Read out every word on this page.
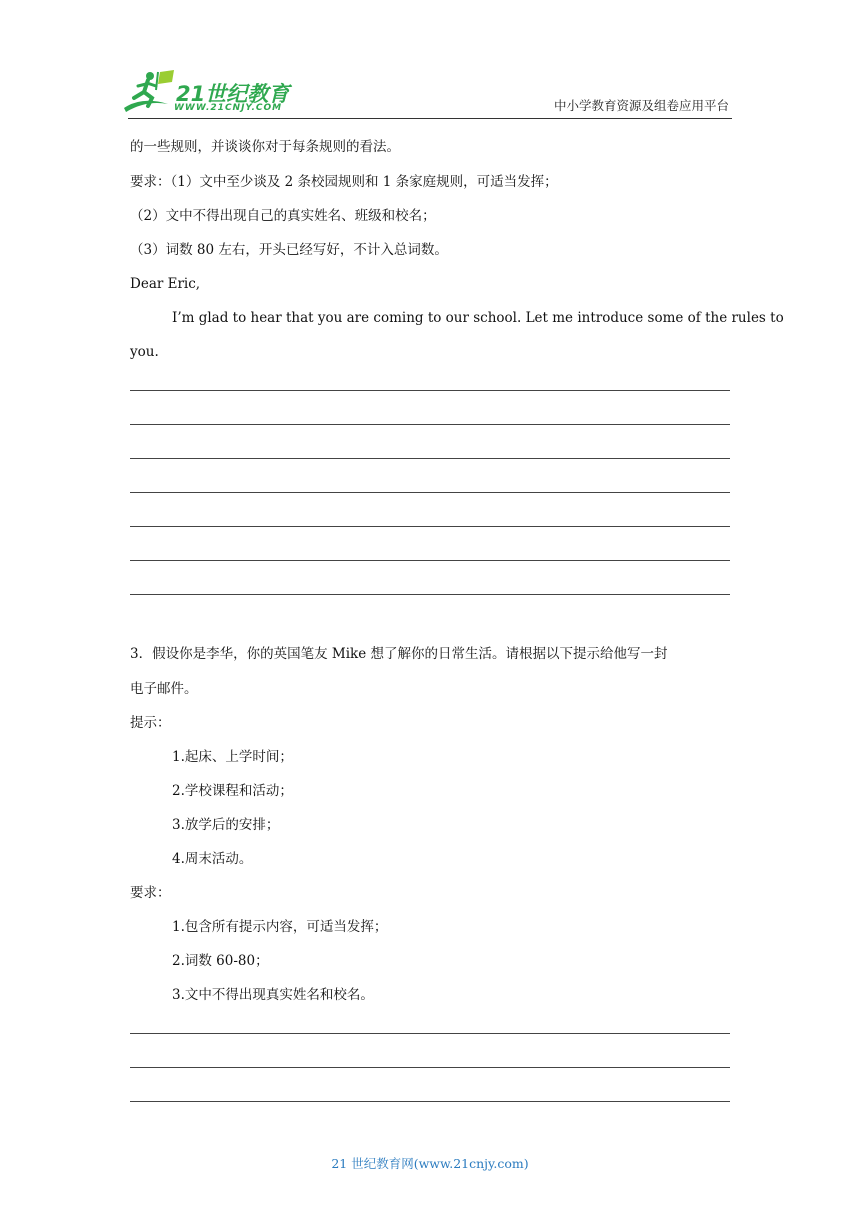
21世纪教育
WWW.21CNJY.COM	中小学教育资源及组卷应用平台
的一些规则，并谈谈你对于每条规则的看法。
要求：（1）文中至少谈及 2 条校园规则和 1 条家庭规则，可适当发挥；
（2）文中不得出现自己的真实姓名、班级和校名；
（3）词数 80 左右，开头已经写好，不计入总词数。
Dear Eric,
I’m glad to hear that you are coming to our school. Let me introduce some of the rules to
you.
3．假设你是李华，你的英国笔友 Mike 想了解你的日常生活。请根据以下提示给他写一封
电子邮件。
提示：
1.起床、上学时间；
2.学校课程和活动；
3.放学后的安排；
4.周末活动。
要求：
1.包含所有提示内容，可适当发挥；
2.词数 60-80；
3.文中不得出现真实姓名和校名。
21 世纪教育网(www.21cnjy.com)
